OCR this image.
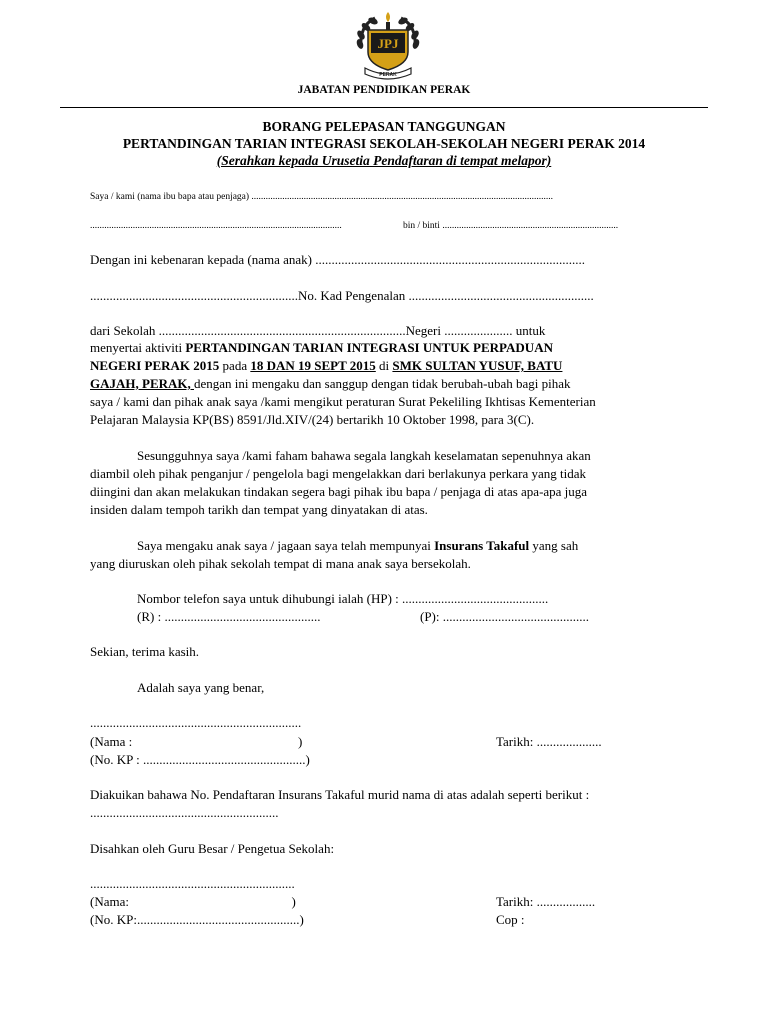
JPJ
PERAK
JABATAN PENDIDIKAN PERAK
BORANG PELEPASAN TANGGUNGAN
PERTANDINGAN TARIAN INTEGRASI SEKOLAH-SEKOLAH NEGERI PERAK 2014
(Serahkan kepada Urusetia Pendaftaran di tempat melapor)
Saya / kami (nama ibu bapa atau penjaga) ...............................................................................................................................
..........................................................................................................	bin / binti ..........................................................................
Dengan ini kebenaran kepada (nama anak) ...................................................................................
................................................................No. Kad Pengenalan .........................................................
dari Sekolah ............................................................................Negeri ..................... untuk
menyertai aktiviti PERTANDINGAN TARIAN INTEGRASI UNTUK PERPADUAN
NEGERI PERAK 2015 pada 18 DAN 19 SEPT 2015 di SMK SULTAN YUSUF, BATU
GAJAH, PERAK, dengan ini mengaku dan sanggup dengan tidak berubah-ubah bagi pihak
saya / kami dan pihak anak saya /kami mengikut peraturan Surat Pekeliling Ikhtisas Kementerian
Pelajaran Malaysia KP(BS) 8591/Jld.XIV/(24) bertarikh 10 Oktober 1998, para 3(C).
Sesungguhnya saya /kami faham bahawa segala langkah keselamatan sepenuhnya akan
diambil oleh pihak penganjur / pengelola bagi mengelakkan dari berlakunya perkara yang tidak
diingini dan akan melakukan tindakan segera bagi pihak ibu bapa / penjaga di atas apa-apa juga
insiden dalam tempoh tarikh dan tempat yang dinyatakan di atas.
Saya mengaku anak saya / jagaan saya telah mempunyai Insurans Takaful yang sah
yang diuruskan oleh pihak sekolah tempat di mana anak saya bersekolah.
Nombor telefon saya untuk dihubungi ialah (HP) : .............................................
(R) : ................................................	(P): .............................................
Sekian, terima kasih.
Adalah saya yang benar,
.................................................................
(Nama :                                                   )	Tarikh: ....................
(No. KP : ..................................................)
Diakuikan bahawa No. Pendaftaran Insurans Takaful murid nama di atas adalah seperti berikut :
..........................................................
Disahkan oleh Guru Besar / Pengetua Sekolah:
...............................................................
(Nama:                                                  )	Tarikh: ..................
(No. KP:..................................................)	Cop :
